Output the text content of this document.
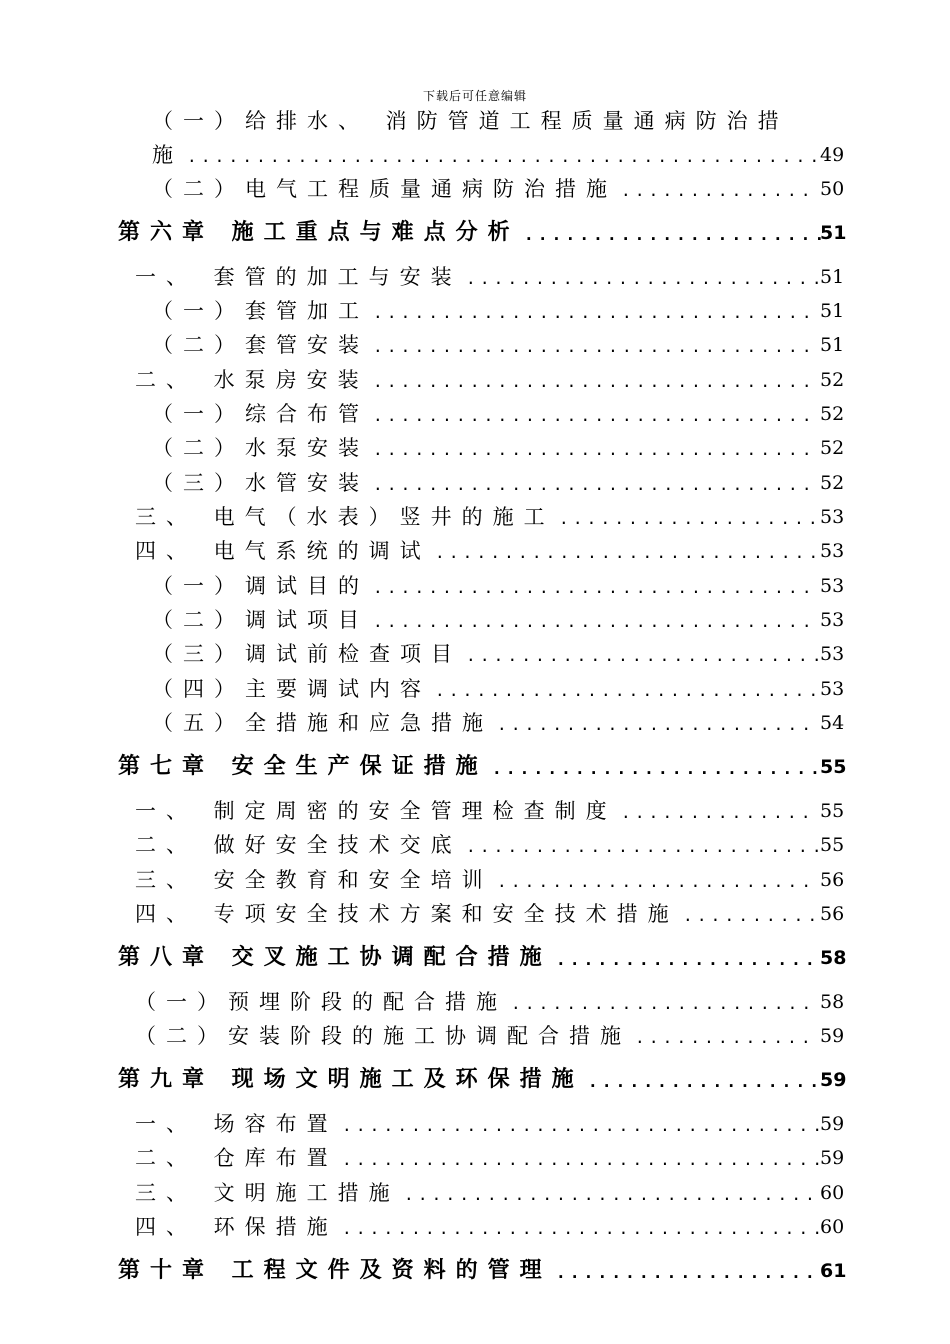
下载后可任意编辑
（一）给排水、 消防管道工程质量通病防治措
施 ..............................................
49
（二）电气工程质量通病防治措施 .............. 50
第六章 施工重点与难点分析 ......................
51
一、 套管的加工与安装 ..........................
51
（一）套管加工 ................................ 51
（二）套管安装 ................................ 51
二、 水泵房安装 ................................ 52
（一）综合布管 ................................ 52
（二）水泵安装 ................................ 52
（三）水管安装 ................................ 52
三、 电气（水表）竖井的施工 ...................
53
四、 电气系统的调试 ............................
53
（一）调试目的 ................................ 53
（二）调试项目 ................................ 53
（三）调试前检查项目 ..........................
53
（四）主要调试内容 ............................
53
（五）全措施和应急措施 ....................... 54
第七章 安全生产保证措施 ........................
55
一、 制定周密的安全管理检查制度 .............. 55
二、 做好安全技术交底 ..........................
55
三、 安全教育和安全培训 ....................... 56
四、 专项安全技术方案和安全技术措施 ..........
56
第八章 交叉施工协调配合措施 ................... 58
（一）预埋阶段的配合措施 ...................... 58
（二）安装阶段的施工协调配合措施 ............. 59
第九章 现场文明施工及环保措施 .................
59
一、 场容布置 ...................................
59
二、 仓库布置 ...................................
59
三、 文明施工措施 .............................. 60
四、 环保措施 ...................................
60
第十章 工程文件及资料的管理 ................... 61
